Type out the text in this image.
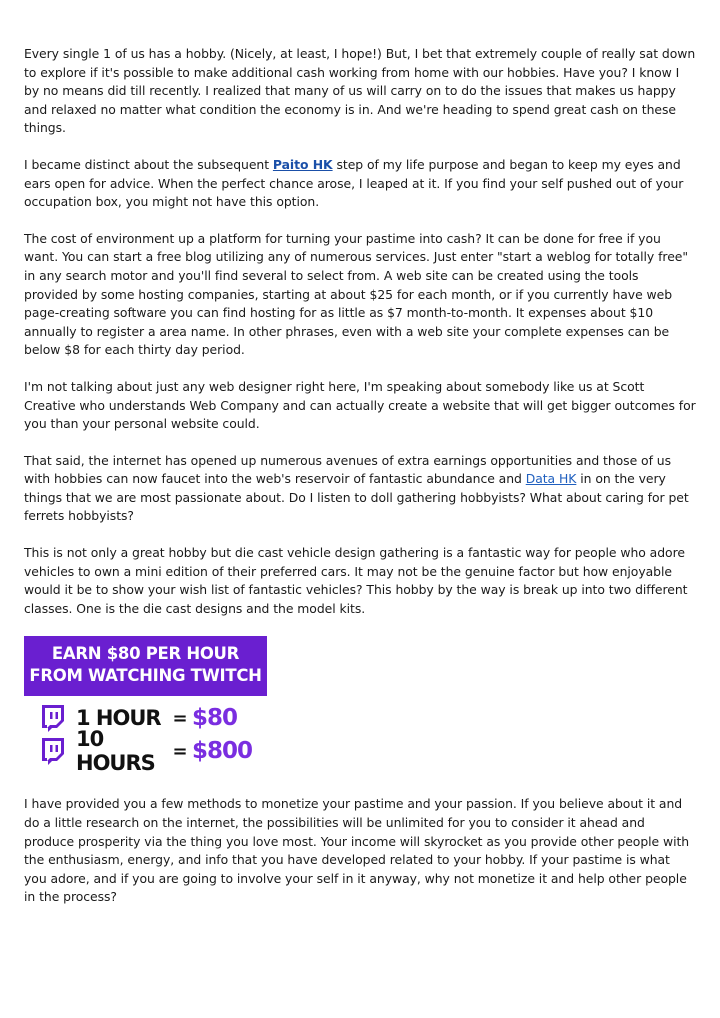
Every single 1 of us has a hobby. (Nicely, at least, I hope!) But, I bet that extremely couple of really sat down to explore if it's possible to make additional cash working from home with our hobbies. Have you? I know I by no means did till recently. I realized that many of us will carry on to do the issues that makes us happy and relaxed no matter what condition the economy is in. And we're heading to spend great cash on these things.

I became distinct about the subsequent Paito HK step of my life purpose and began to keep my eyes and ears open for advice. When the perfect chance arose, I leaped at it. If you find your self pushed out of your occupation box, you might not have this option.

The cost of environment up a platform for turning your pastime into cash? It can be done for free if you want. You can start a free blog utilizing any of numerous services. Just enter "start a weblog for totally free" in any search motor and you'll find several to select from. A web site can be created using the tools provided by some hosting companies, starting at about $25 for each month, or if you currently have web page-creating software you can find hosting for as little as $7 month-to-month. It expenses about $10 annually to register a area name. In other phrases, even with a web site your complete expenses can be below $8 for each thirty day period.

I'm not talking about just any web designer right here, I'm speaking about somebody like us at Scott Creative who understands Web Company and can actually create a website that will get bigger outcomes for you than your personal website could.

That said, the internet has opened up numerous avenues of extra earnings opportunities and those of us with hobbies can now faucet into the web's reservoir of fantastic abundance and Data HK in on the very things that we are most passionate about. Do I listen to doll gathering hobbyists? What about caring for pet ferrets hobbyists?

This is not only a great hobby but die cast vehicle design gathering is a fantastic way for people who adore vehicles to own a mini edition of their preferred cars. It may not be the genuine factor but how enjoyable would it be to show your wish list of fantastic vehicles? This hobby by the way is break up into two different classes. One is the die cast designs and the model kits.

EARN $80 PER HOUR
FROM WATCHING TWITCH
1 HOUR = $80
10 HOURS = $800

I have provided you a few methods to monetize your pastime and your passion. If you believe about it and do a little research on the internet, the possibilities will be unlimited for you to consider it ahead and produce prosperity via the thing you love most. Your income will skyrocket as you provide other people with the enthusiasm, energy, and info that you have developed related to your hobby. If your pastime is what you adore, and if you are going to involve your self in it anyway, why not monetize it and help other people in the process?
